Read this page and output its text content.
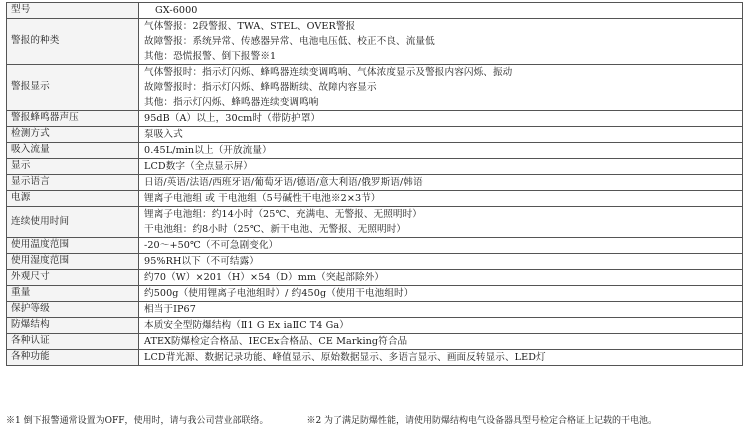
型号	GX-6000

警报的种类	气体警报：2段警报、TWA、STEL、OVER警报
故障警报：系统异常、传感器异常、电池电压低、校正不良、流量低
其他：恐慌报警、倒下报警※1

警报显示	气体警报时：指示灯闪烁、蜂鸣器连续变调鸣响、气体浓度显示及警报内容闪烁、振动
故障警报时：指示灯闪烁、蜂鸣器断续、故障内容显示
其他：指示灯闪烁、蜂鸣器连续变调鸣响

警报蜂鸣器声压	95dB（A）以上，30cm时（带防护罩）

检测方式	泵吸入式

吸入流量	0.45L/min以上（开放流量）

显示	LCD数字（全点显示屏）

显示语言	日语/英语/法语/西班牙语/葡萄牙语/德语/意大利语/俄罗斯语/韩语

电源	锂离子电池组 或 干电池组（5号碱性干电池※2×3节）

连续使用时间	锂离子电池组：约14小时（25℃、充满电、无警报、无照明时）
干电池组：约8小时（25℃、新干电池、无警报、无照明时）

使用温度范围	-20～+50℃（不可急剧变化）

使用湿度范围	95%RH以下（不可结露）

外观尺寸	约70（W）×201（H）×54（D）mm（突起部除外）

重量	约500g（使用锂离子电池组时）/ 约450g（使用干电池组时）

保护等级	相当于IP67

防爆结构	本质安全型防爆结构（Ⅱ1 G Ex iaⅡC T4 Ga）

各种认证	ATEX防爆检定合格品、IECEx合格品、CE Marking符合品

各种功能	LCD背光源、数据记录功能、峰值显示、原始数据显示、多语言显示、画面反转显示、LED灯
※1 倒下报警通常设置为OFF，使用时，请与我公司营业部联络。	※2 为了满足防爆性能，请使用防爆结构电气设备器具型号检定合格证上记载的干电池。
